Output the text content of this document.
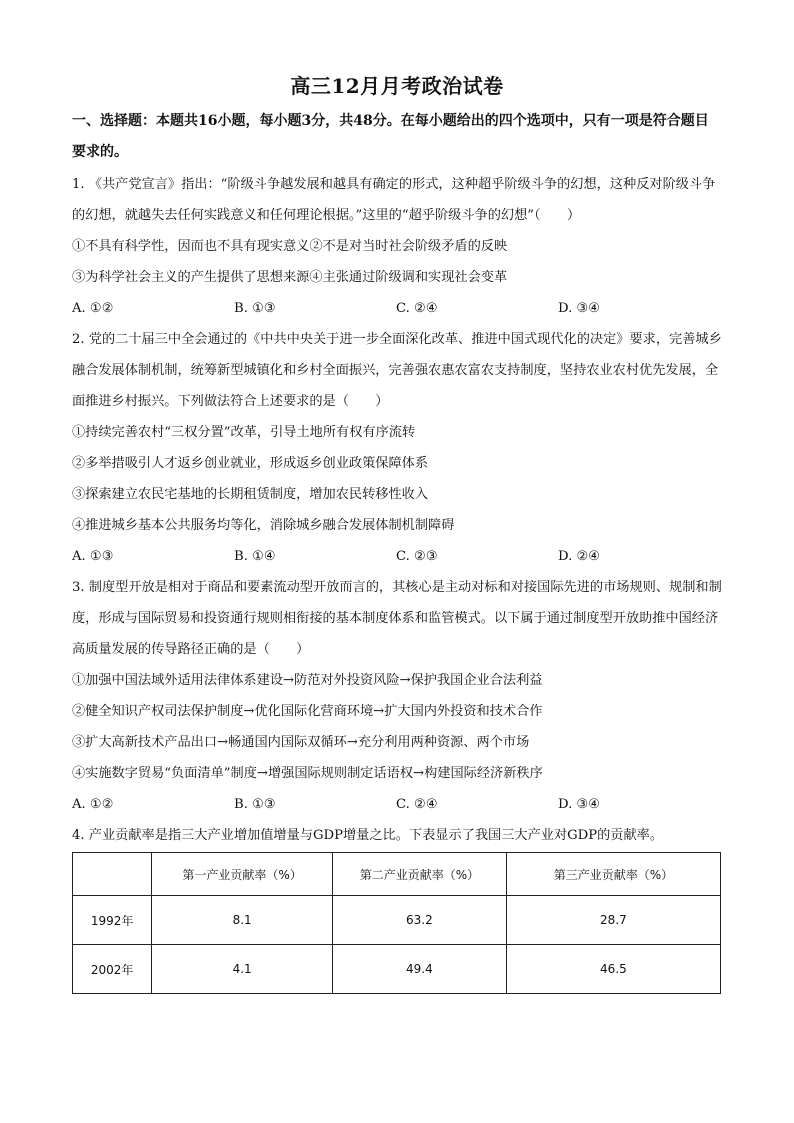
高三12月月考政治试卷
一、选择题：本题共16小题，每小题3分，共48分。在每小题给出的四个选项中，只有一项是符合题目要求的。

1. 《共产党宣言》指出：“阶级斗争越发展和越具有确定的形式，这种超乎阶级斗争的幻想，这种反对阶级斗争的幻想，就越失去任何实践意义和任何理论根据。”这里的“超乎阶级斗争的幻想”（　　）

①不具有科学性，因而也不具有现实意义②不是对当时社会阶级矛盾的反映

③为科学社会主义的产生提供了思想来源④主张通过阶级调和实现社会变革

A. ①②	B. ①③	C. ②④	D. ③④

2. 党的二十届三中全会通过的《中共中央关于进一步全面深化改革、推进中国式现代化的决定》要求，完善城乡融合发展体制机制，统筹新型城镇化和乡村全面振兴，完善强农惠农富农支持制度，坚持农业农村优先发展，全面推进乡村振兴。下列做法符合上述要求的是（　　）

①持续完善农村“三权分置”改革，引导土地所有权有序流转

②多举措吸引人才返乡创业就业，形成返乡创业政策保障体系

③探索建立农民宅基地的长期租赁制度，增加农民转移性收入

④推进城乡基本公共服务均等化，消除城乡融合发展体制机制障碍

A. ①③	B. ①④	C. ②③	D. ②④

3. 制度型开放是相对于商品和要素流动型开放而言的，其核心是主动对标和对接国际先进的市场规则、规制和制度，形成与国际贸易和投资通行规则相衔接的基本制度体系和监管模式。以下属于通过制度型开放助推中国经济高质量发展的传导路径正确的是（　　）

①加强中国法域外适用法律体系建设→防范对外投资风险→保护我国企业合法利益

②健全知识产权司法保护制度→优化国际化营商环境→扩大国内外投资和技术合作

③扩大高新技术产品出口→畅通国内国际双循环→充分利用两种资源、两个市场

④实施数字贸易“负面清单”制度→增强国际规则制定话语权→构建国际经济新秩序

A. ①②	B. ①③	C. ②④	D. ③④

4. 产业贡献率是指三大产业增加值增量与GDP增量之比。下表显示了我国三大产业对GDP的贡献率。

	第一产业贡献率（%）	第二产业贡献率（%）	第三产业贡献率（%）
1992年	8.1	63.2	28.7
2002年	4.1	49.4	46.5
